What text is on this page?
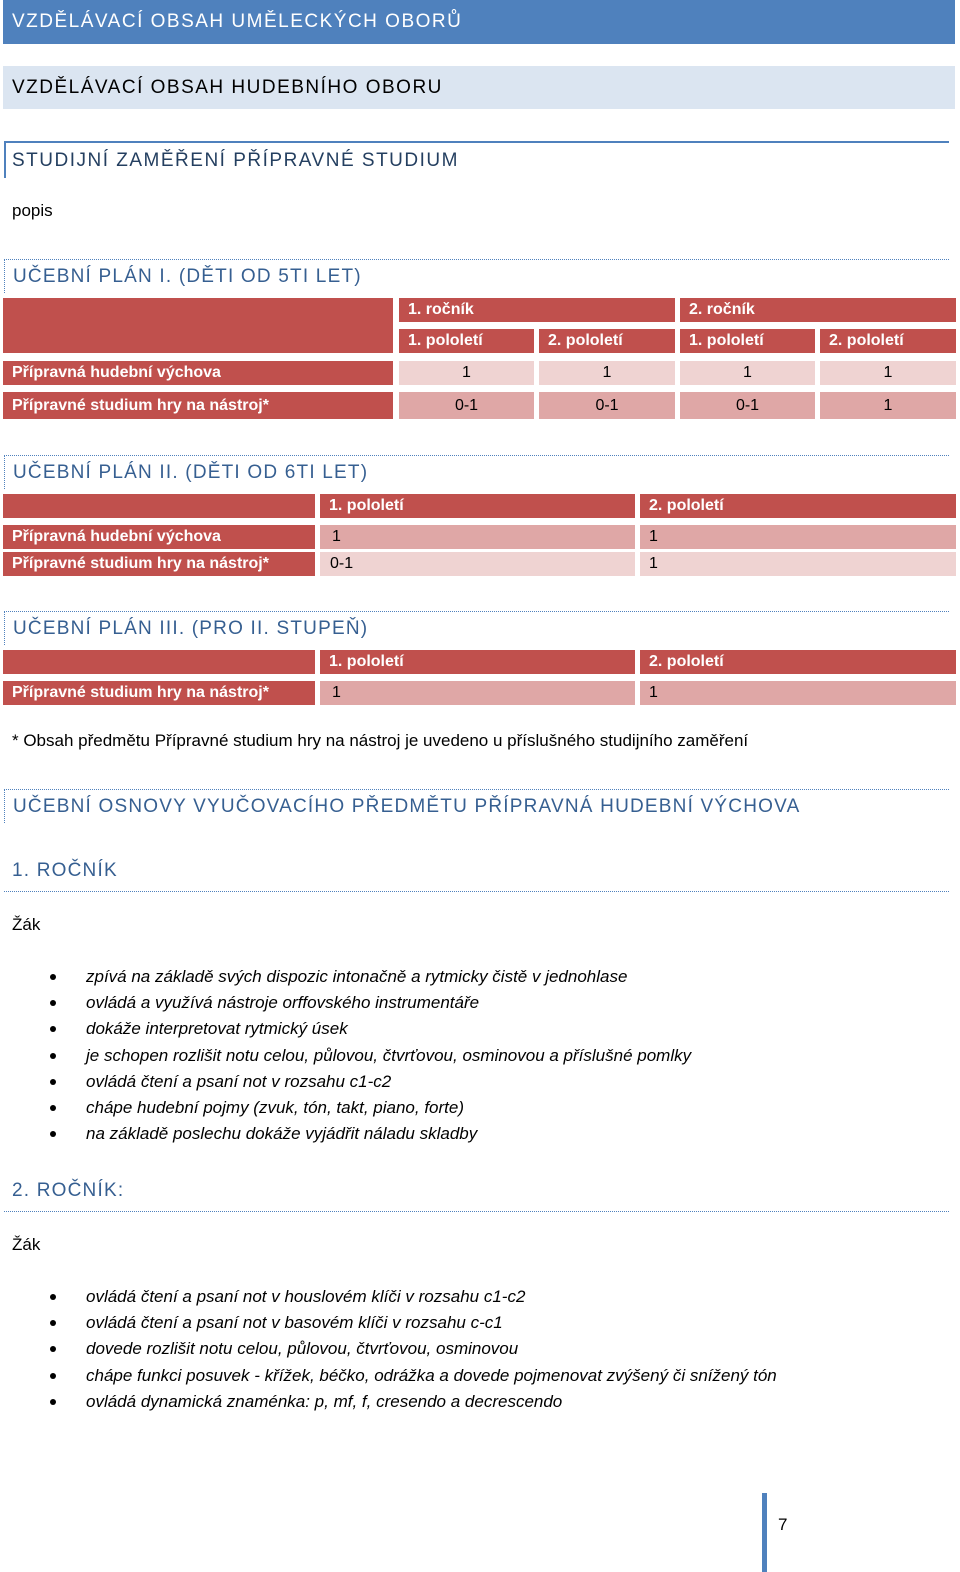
VZDĚLÁVACÍ OBSAH UMĚLECKÝCH OBORŮ
VZDĚLÁVACÍ OBSAH HUDEBNÍHO OBORU
STUDIJNÍ ZAMĚŘENÍ PŘÍPRAVNÉ STUDIUM
popis
UČEBNÍ PLÁN I. (DĚTI OD 5TI LET)
1. ročník	2. ročník
1. pololetí	2. pololetí	1. pololetí	2. pololetí
Přípravná hudební výchova	1	1	1	1
Přípravné studium hry na nástroj*	0-1	0-1	0-1	1
UČEBNÍ PLÁN II. (DĚTI OD 6TI LET)
1. pololetí	2. pololetí
Přípravná hudební výchova	1	1
Přípravné studium hry na nástroj*	0-1	1
UČEBNÍ PLÁN III. (PRO II. STUPEŇ)
1. pololetí	2. pololetí
Přípravné studium hry na nástroj*	1	1
* Obsah předmětu Přípravné studium hry na nástroj je uvedeno u příslušného studijního zaměření
UČEBNÍ OSNOVY VYUČOVACÍHO PŘEDMĚTU PŘÍPRAVNÁ HUDEBNÍ VÝCHOVA
1. ROČNÍK
Žák
zpívá na základě svých dispozic intonačně a rytmicky čistě v jednohlase
ovládá a využívá nástroje orffovského instrumentáře
dokáže interpretovat rytmický úsek
je schopen rozlišit notu celou, půlovou, čtvrťovou, osminovou a příslušné pomlky
ovládá čtení a psaní not v rozsahu c1-c2
chápe hudební pojmy (zvuk, tón, takt, piano, forte)
na základě poslechu dokáže vyjádřit náladu skladby
2. ROČNÍK:
Žák
ovládá čtení a psaní not v houslovém klíči v rozsahu c1-c2
ovládá čtení a psaní not v basovém klíči v rozsahu c-c1
dovede rozlišit notu celou, půlovou, čtvrťovou, osminovou
chápe funkci posuvek - křížek, béčko, odrážka a dovede pojmenovat zvýšený či snížený tón
ovládá dynamická znaménka: p, mf, f, cresendo a decrescendo
7
